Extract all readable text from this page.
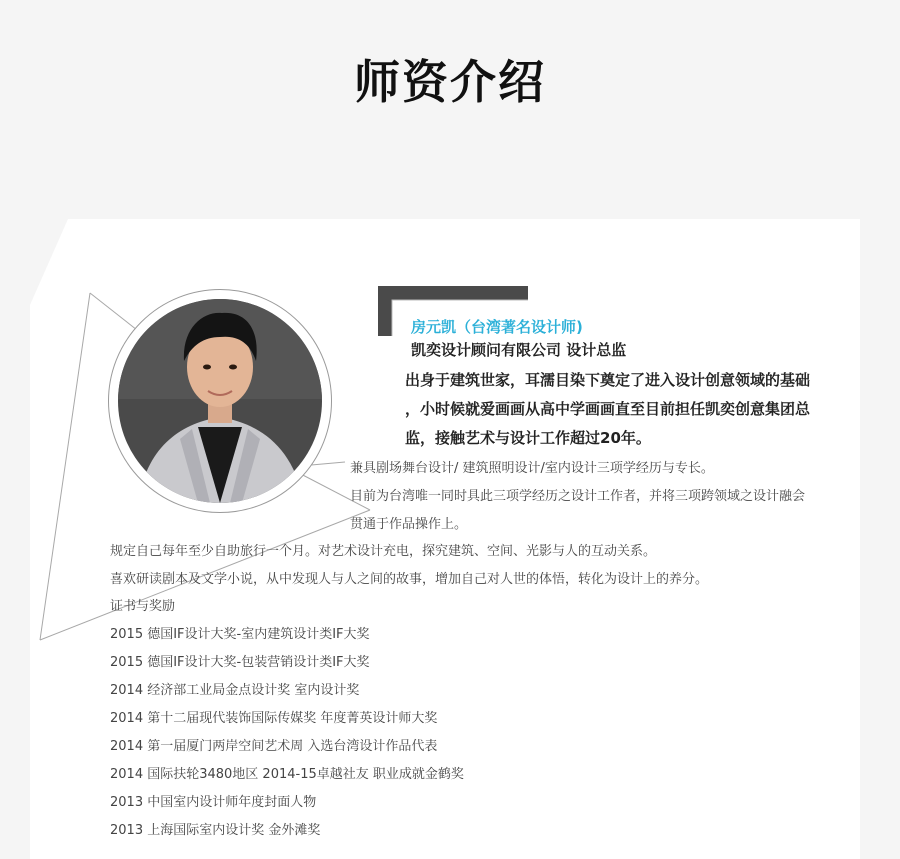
师资介绍

房元凯（台湾著名设计师)

凯奕设计顾问有限公司 设计总监

出身于建筑世家，耳濡目染下奠定了进入设计创意领域的基础
，小时候就爱画画从高中学画画直至目前担任凯奕创意集团总
监，接触艺术与设计工作超过20年。

兼具剧场舞台设计/ 建筑照明设计/室内设计三项学经历与专长。
目前为台湾唯一同时具此三项学经历之设计工作者，并将三项跨领域之设计融会
贯通于作品操作上。

规定自己每年至少自助旅行一个月。对艺术设计充电，探究建筑、空间、光影与人的互动关系。
喜欢研读剧本及文学小说，从中发现人与人之间的故事，增加自己对人世的体悟，转化为设计上的养分。

证书与奖励
2015 德国IF设计大奖-室内建筑设计类IF大奖
2015 德国IF设计大奖-包装营销设计类IF大奖
2014 经济部工业局金点设计奖 室内设计奖
2014 第十二届现代装饰国际传媒奖 年度菁英设计师大奖
2014 第一届厦门两岸空间艺术周 入选台湾设计作品代表
2014 国际扶轮3480地区 2014-15卓越社友 职业成就金鹤奖
2013 中国室内设计师年度封面人物
2013 上海国际室内设计奖 金外滩奖
